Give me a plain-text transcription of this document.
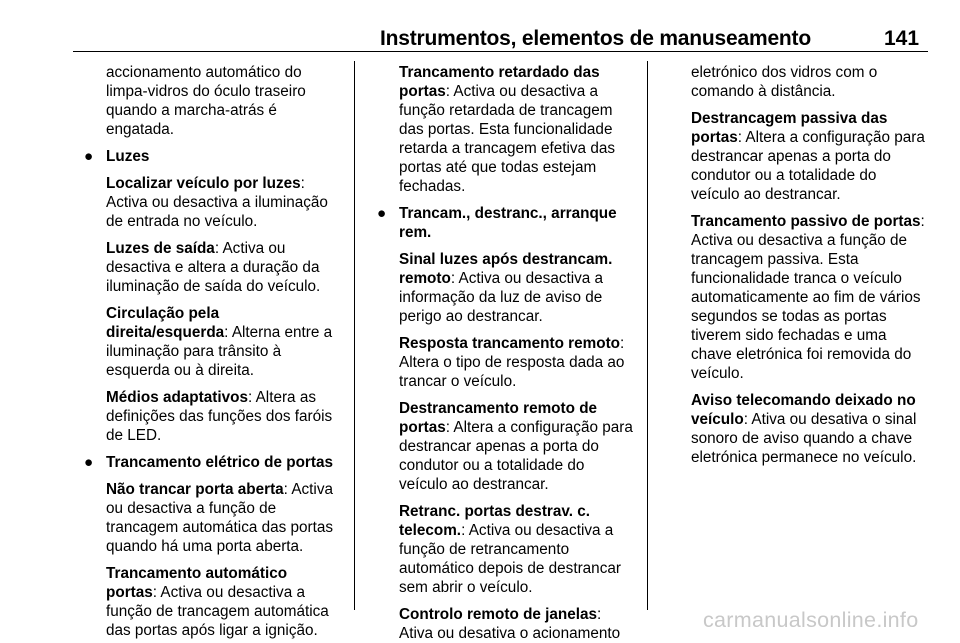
Instrumentos, elementos de manuseamento	141

accionamento automático do limpa-vidros do óculo traseiro quando a marcha-atrás é engatada.

● Luzes

Localizar veículo por luzes: Activa ou desactiva a iluminação de entrada no veículo.

Luzes de saída: Activa ou desactiva e altera a duração da iluminação de saída do veículo.

Circulação pela direita/esquerda: Alterna entre a iluminação para trânsito à esquerda ou à direita.

Médios adaptativos: Altera as definições das funções dos faróis de LED.

● Trancamento elétrico de portas

Não trancar porta aberta: Activa ou desactiva a função de trancagem automática das portas quando há uma porta aberta.

Trancamento automático portas: Activa ou desactiva a função de trancagem automática das portas após ligar a ignição.

Trancamento retardado das portas: Activa ou desactiva a função retardada de trancagem das portas. Esta funcionalidade retarda a trancagem efetiva das portas até que todas estejam fechadas.

● Trancam., destranc., arranque rem.

Sinal luzes após destrancam. remoto: Activa ou desactiva a informação da luz de aviso de perigo ao destrancar.

Resposta trancamento remoto: Altera o tipo de resposta dada ao trancar o veículo.

Destrancamento remoto de portas: Altera a configuração para destrancar apenas a porta do condutor ou a totalidade do veículo ao destrancar.

Retranc. portas destrav. c. telecom.: Activa ou desactiva a função de retrancamento automático depois de destrancar sem abrir o veículo.

Controlo remoto de janelas: Ativa ou desativa o acionamento

eletrónico dos vidros com o comando à distância.

Destrancagem passiva das portas: Altera a configuração para destrancar apenas a porta do condutor ou a totalidade do veículo ao destrancar.

Trancamento passivo de portas: Activa ou desactiva a função de trancagem passiva. Esta funcionalidade tranca o veículo automaticamente ao fim de vários segundos se todas as portas tiverem sido fechadas e uma chave eletrónica foi removida do veículo.

Aviso telecomando deixado no veículo: Ativa ou desativa o sinal sonoro de aviso quando a chave eletrónica permanece no veículo.

carmanualsonline.info
